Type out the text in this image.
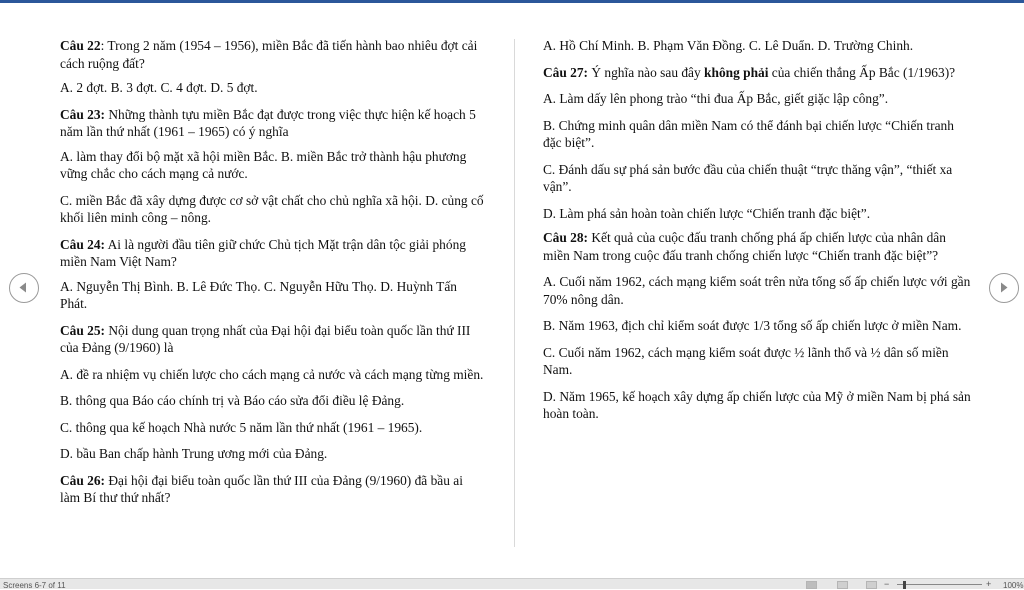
Câu 22: Trong 2 năm (1954 – 1956), miền Bắc đã tiến hành bao nhiêu đợt cải cách ruộng đất?
A. 2 đợt. B. 3 đợt. C. 4 đợt. D. 5 đợt.
Câu 23: Những thành tựu miền Bắc đạt được trong việc thực hiện kế hoạch 5 năm lần thứ nhất (1961 – 1965) có ý nghĩa
A. làm thay đổi bộ mặt xã hội miền Bắc. B. miền Bắc trở thành hậu phương vững chắc cho cách mạng cả nước.
C. miền Bắc đã xây dựng được cơ sở vật chất cho chủ nghĩa xã hội. D. củng cố khối liên minh công – nông.
Câu 24: Ai là người đầu tiên giữ chức Chủ tịch Mặt trận dân tộc giải phóng miền Nam Việt Nam?
A. Nguyễn Thị Bình. B. Lê Đức Thọ. C. Nguyễn Hữu Thọ. D. Huỳnh Tấn Phát.
Câu 25: Nội dung quan trọng nhất của Đại hội đại biểu toàn quốc lần thứ III của Đảng (9/1960) là
A. đề ra nhiệm vụ chiến lược cho cách mạng cả nước và cách mạng từng miền.
B. thông qua Báo cáo chính trị và Báo cáo sửa đổi điều lệ Đảng.
C. thông qua kế hoạch Nhà nước 5 năm lần thứ nhất (1961 – 1965).
D. bầu Ban chấp hành Trung ương mới của Đảng.
Câu 26: Đại hội đại biểu toàn quốc lần thứ III của Đảng (9/1960) đã bầu ai làm Bí thư thứ nhất?
A. Hồ Chí Minh. B. Phạm Văn Đồng. C. Lê Duẩn. D. Trường Chinh.
Câu 27: Ý nghĩa nào sau đây không phải của chiến thắng Ấp Bắc (1/1963)?
A. Làm dấy lên phong trào “thi đua Ấp Bắc, giết giặc lập công”.
B. Chứng minh quân dân miền Nam có thể đánh bại chiến lược “Chiến tranh đặc biệt”.
C. Đánh dấu sự phá sản bước đầu của chiến thuật “trực thăng vận”, “thiết xa vận”.
D. Làm phá sản hoàn toàn chiến lược “Chiến tranh đặc biệt”.
Câu 28: Kết quả của cuộc đấu tranh chống phá ấp chiến lược của nhân dân miền Nam trong cuộc đấu tranh chống chiến lược “Chiến tranh đặc biệt”?
A. Cuối năm 1962, cách mạng kiểm soát trên nửa tổng số ấp chiến lược với gần 70% nông dân.
B. Năm 1963, địch chỉ kiểm soát được 1/3 tổng số ấp chiến lược ở miền Nam.
C. Cuối năm 1962, cách mạng kiểm soát được ½ lãnh thổ và ½ dân số miền Nam.
D. Năm 1965, kế hoạch xây dựng ấp chiến lược của Mỹ ở miền Nam bị phá sản hoàn toàn.
Screens 6-7 of 11	−	+ 100%
